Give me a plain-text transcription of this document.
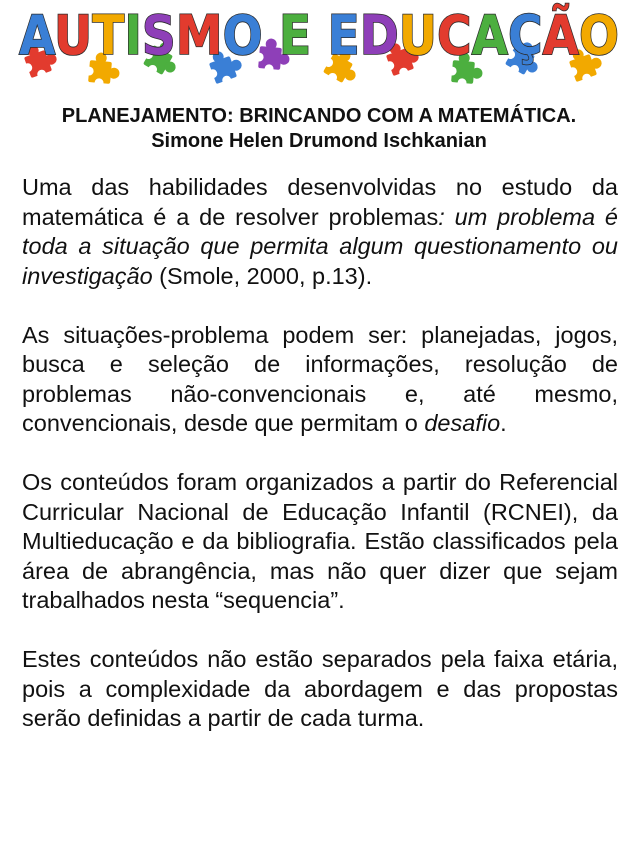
AUTISMO E EDUCAÇÃO
PLANEJAMENTO: BRINCANDO COM A MATEMÁTICA.
Simone Helen Drumond Ischkanian

Uma das habilidades desenvolvidas no estudo da matemática é a de resolver problemas: um problema é toda a situação que permita algum questionamento ou investigação (Smole, 2000, p.13).

As situações-problema podem ser: planejadas, jogos, busca e seleção de informações, resolução de problemas não-convencionais e, até mesmo, convencionais, desde que permitam o desafio.

Os conteúdos foram organizados a partir do Referencial Curricular Nacional de Educação Infantil (RCNEI), da Multieducação e da bibliografia. Estão classificados pela área de abrangência, mas não quer dizer que sejam trabalhados nesta “sequencia”.

Estes conteúdos não estão separados pela faixa etária, pois a complexidade da abordagem e das propostas serão definidas a partir de cada turma.
